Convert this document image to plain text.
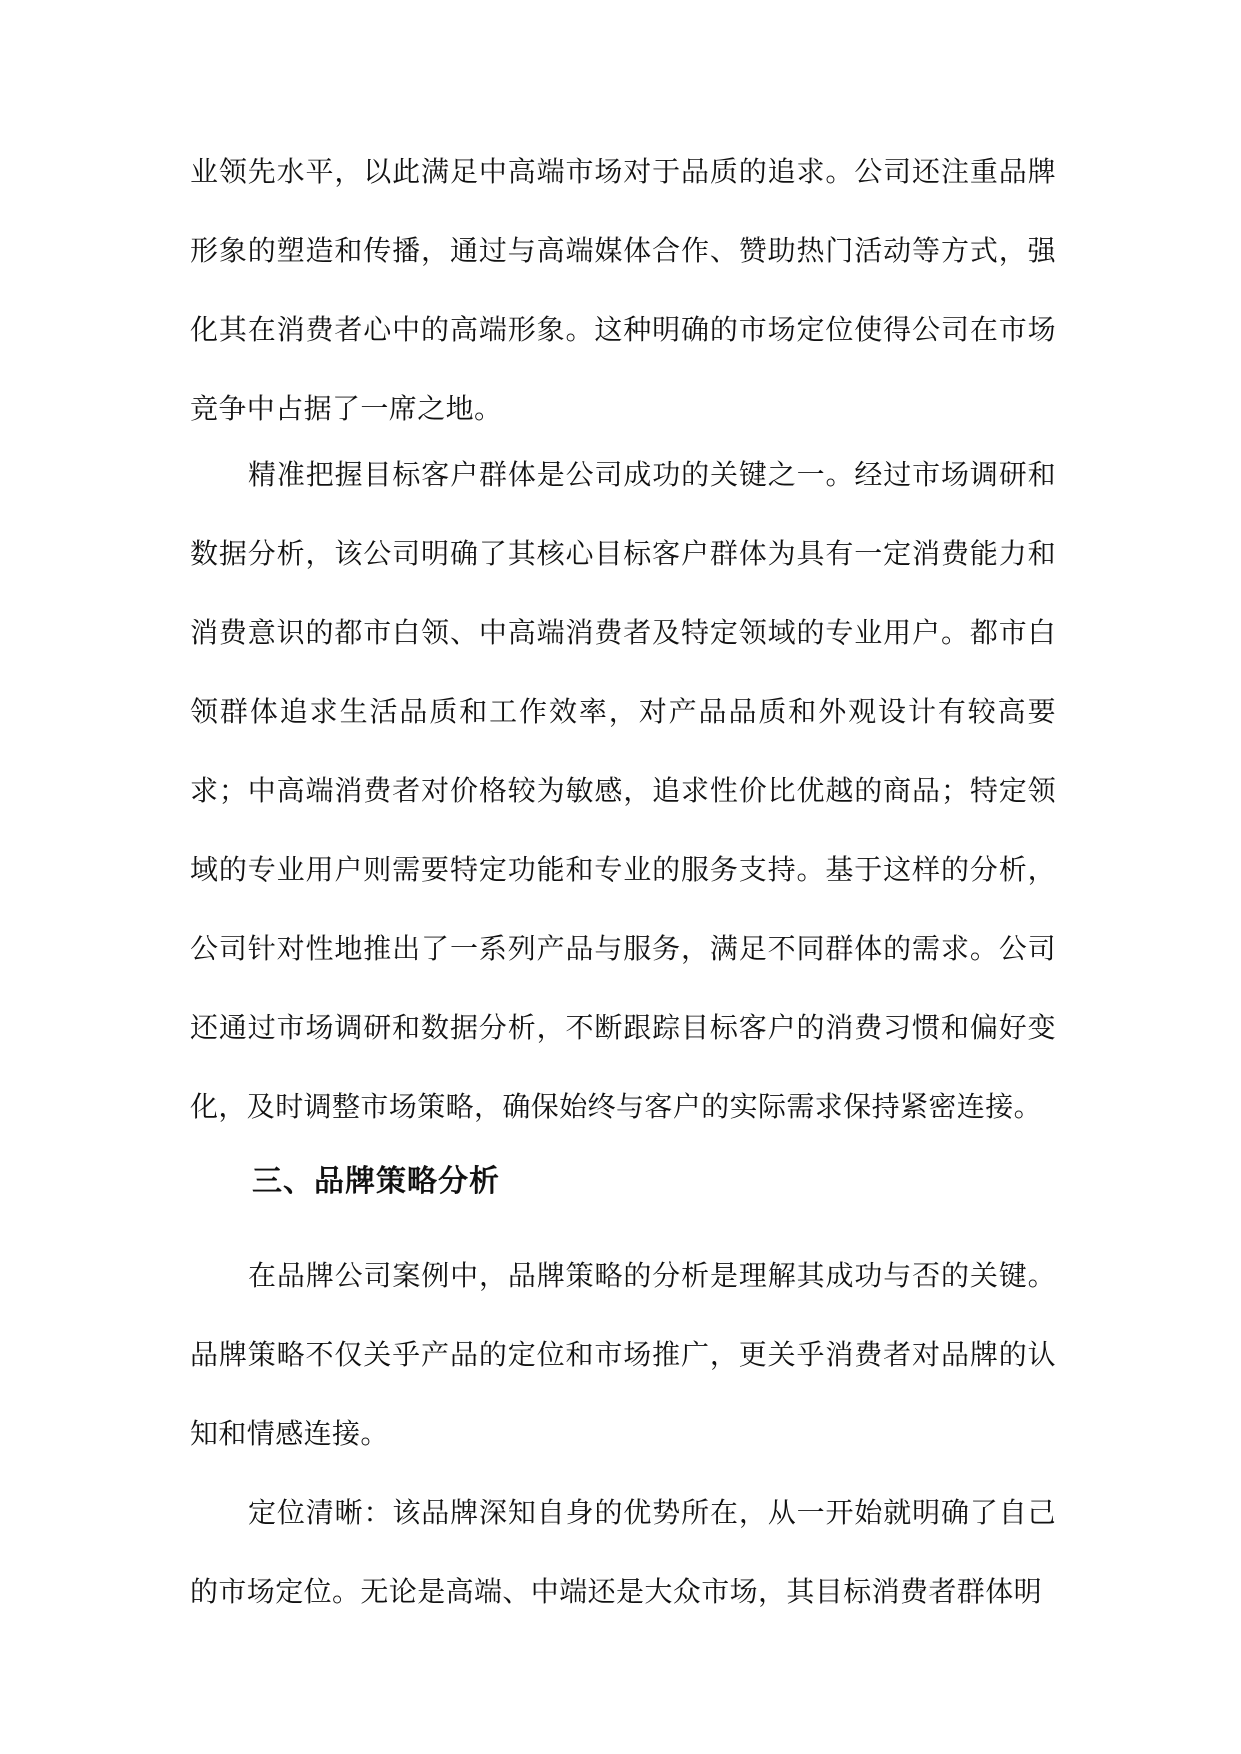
业领先水平，以此满足中高端市场对于品质的追求。公司还注重品牌形象的塑造和传播，通过与高端媒体合作、赞助热门活动等方式，强化其在消费者心中的高端形象。这种明确的市场定位使得公司在市场竞争中占据了一席之地。

精准把握目标客户群体是公司成功的关键之一。经过市场调研和数据分析，该公司明确了其核心目标客户群体为具有一定消费能力和消费意识的都市白领、中高端消费者及特定领域的专业用户。都市白领群体追求生活品质和工作效率，对产品品质和外观设计有较高要求；中高端消费者对价格较为敏感，追求性价比优越的商品；特定领域的专业用户则需要特定功能和专业的服务支持。基于这样的分析，公司针对性地推出了一系列产品与服务，满足不同群体的需求。公司还通过市场调研和数据分析，不断跟踪目标客户的消费习惯和偏好变化，及时调整市场策略，确保始终与客户的实际需求保持紧密连接。

三、品牌策略分析

在品牌公司案例中，品牌策略的分析是理解其成功与否的关键。品牌策略不仅关乎产品的定位和市场推广，更关乎消费者对品牌的认知和情感连接。

定位清晰：该品牌深知自身的优势所在，从一开始就明确了自己的市场定位。无论是高端、中端还是大众市场，其目标消费者群体明
